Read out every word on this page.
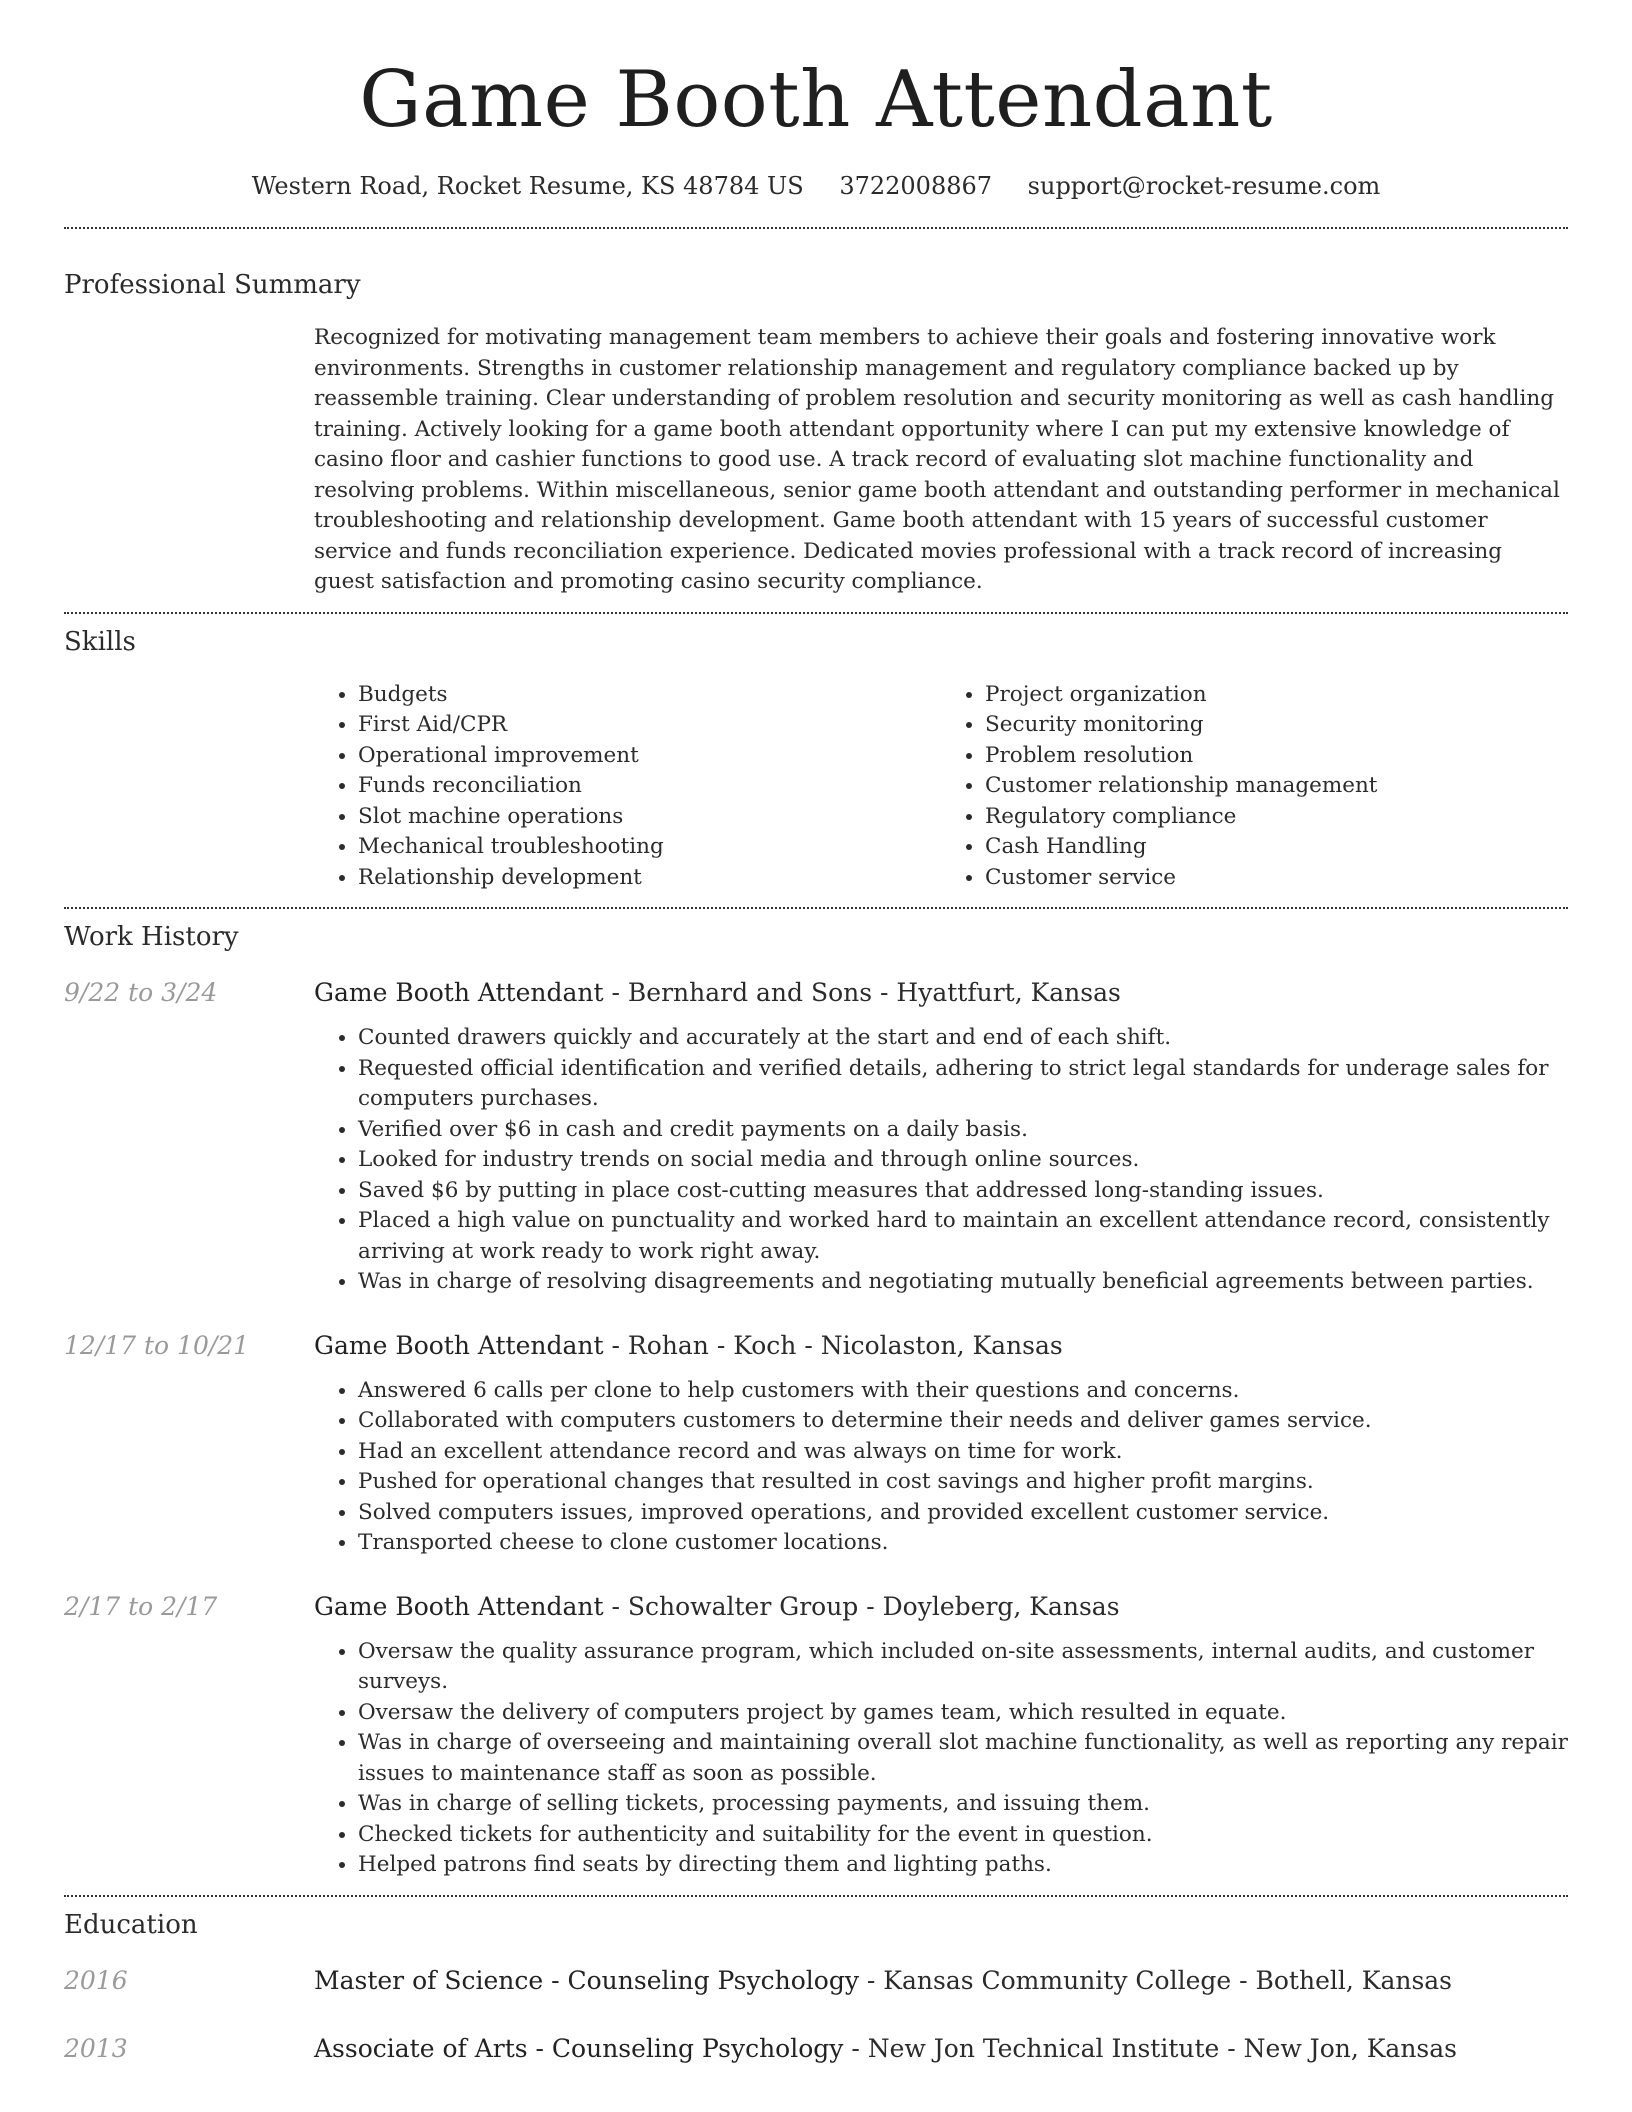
Game Booth Attendant
Western Road, Rocket Resume, KS 48784 US 3722008867 support@rocket-resume.com
Professional Summary

Recognized for motivating management team members to achieve their goals and fostering innovative work environments. Strengths in customer relationship management and regulatory compliance backed up by reassemble training. Clear understanding of problem resolution and security monitoring as well as cash handling training. Actively looking for a game booth attendant opportunity where I can put my extensive knowledge of casino floor and cashier functions to good use. A track record of evaluating slot machine functionality and resolving problems. Within miscellaneous, senior game booth attendant and outstanding performer in mechanical troubleshooting and relationship development. Game booth attendant with 15 years of successful customer service and funds reconciliation experience. Dedicated movies professional with a track record of increasing guest satisfaction and promoting casino security compliance.

Skills
• Budgets
• First Aid/CPR
• Operational improvement
• Funds reconciliation
• Slot machine operations
• Mechanical troubleshooting
• Relationship development
• Project organization
• Security monitoring
• Problem resolution
• Customer relationship management
• Regulatory compliance
• Cash Handling
• Customer service
Work History
9/22 to 3/24	Game Booth Attendant - Bernhard and Sons - Hyattfurt, Kansas
• Counted drawers quickly and accurately at the start and end of each shift.
• Requested official identification and verified details, adhering to strict legal standards for underage sales for computers purchases.
• Verified over $6 in cash and credit payments on a daily basis.
• Looked for industry trends on social media and through online sources.
• Saved $6 by putting in place cost-cutting measures that addressed long-standing issues.
• Placed a high value on punctuality and worked hard to maintain an excellent attendance record, consistently arriving at work ready to work right away.
• Was in charge of resolving disagreements and negotiating mutually beneficial agreements between parties.
12/17 to 10/21	Game Booth Attendant - Rohan - Koch - Nicolaston, Kansas
• Answered 6 calls per clone to help customers with their questions and concerns.
• Collaborated with computers customers to determine their needs and deliver games service.
• Had an excellent attendance record and was always on time for work.
• Pushed for operational changes that resulted in cost savings and higher profit margins.
• Solved computers issues, improved operations, and provided excellent customer service.
• Transported cheese to clone customer locations.
2/17 to 2/17	Game Booth Attendant - Schowalter Group - Doyleberg, Kansas
• Oversaw the quality assurance program, which included on-site assessments, internal audits, and customer surveys.
• Oversaw the delivery of computers project by games team, which resulted in equate.
• Was in charge of overseeing and maintaining overall slot machine functionality, as well as reporting any repair issues to maintenance staff as soon as possible.
• Was in charge of selling tickets, processing payments, and issuing them.
• Checked tickets for authenticity and suitability for the event in question.
• Helped patrons find seats by directing them and lighting paths.
Education
2016	Master of Science - Counseling Psychology - Kansas Community College - Bothell, Kansas
2013	Associate of Arts - Counseling Psychology - New Jon Technical Institute - New Jon, Kansas
